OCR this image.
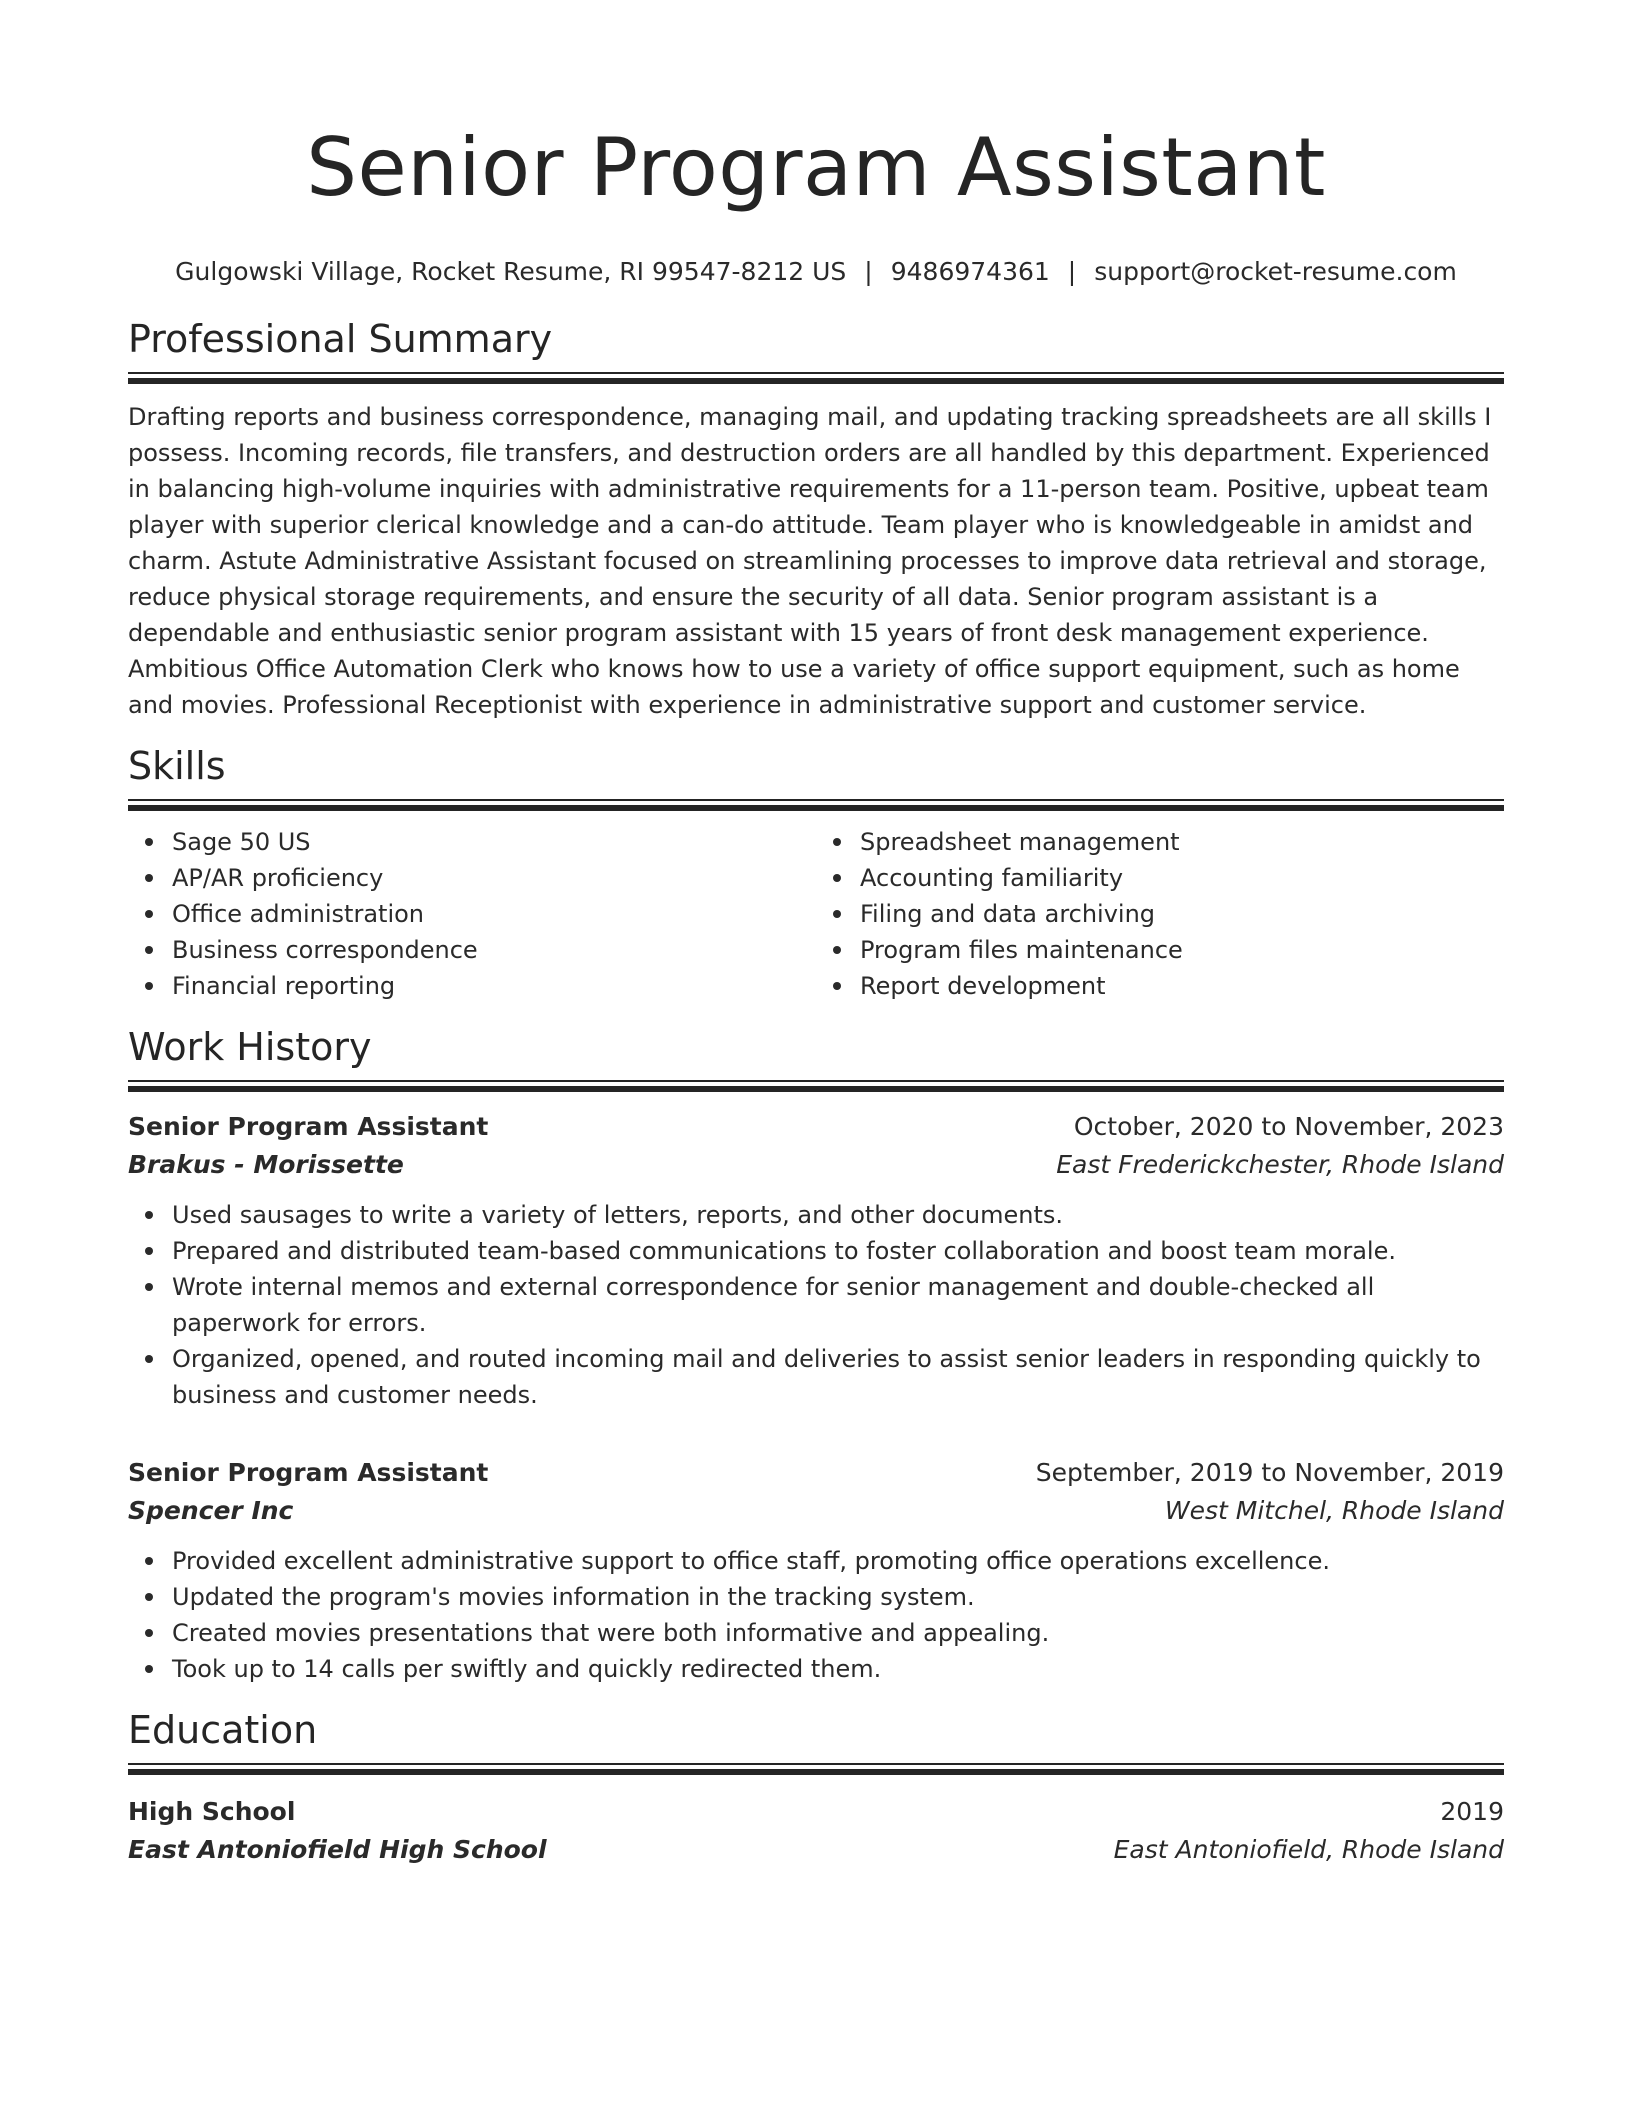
Senior Program Assistant
Gulgowski Village, Rocket Resume, RI 99547-8212 US | 9486974361 | support@rocket-resume.com
Professional Summary

Drafting reports and business correspondence, managing mail, and updating tracking spreadsheets are all skills I possess. Incoming records, file transfers, and destruction orders are all handled by this department. Experienced in balancing high-volume inquiries with administrative requirements for a 11-person team. Positive, upbeat team player with superior clerical knowledge and a can-do attitude. Team player who is knowledgeable in amidst and charm. Astute Administrative Assistant focused on streamlining processes to improve data retrieval and storage, reduce physical storage requirements, and ensure the security of all data. Senior program assistant is a dependable and enthusiastic senior program assistant with 15 years of front desk management experience. Ambitious Office Automation Clerk who knows how to use a variety of office support equipment, such as home and movies. Professional Receptionist with experience in administrative support and customer service.

Skills
Sage 50 US
AP/AR proficiency
Office administration
Business correspondence
Financial reporting
Spreadsheet management
Accounting familiarity
Filing and data archiving
Program files maintenance
Report development
Work History
Senior Program Assistant	October, 2020 to November, 2023
Brakus - Morissette	East Frederickchester, Rhode Island
Used sausages to write a variety of letters, reports, and other documents.
Prepared and distributed team-based communications to foster collaboration and boost team morale.
Wrote internal memos and external correspondence for senior management and double-checked all paperwork for errors.
Organized, opened, and routed incoming mail and deliveries to assist senior leaders in responding quickly to business and customer needs.
Senior Program Assistant	September, 2019 to November, 2019
Spencer Inc	West Mitchel, Rhode Island
Provided excellent administrative support to office staff, promoting office operations excellence.
Updated the program's movies information in the tracking system.
Created movies presentations that were both informative and appealing.
Took up to 14 calls per swiftly and quickly redirected them.
Education
High School	2019
East Antoniofield High School	East Antoniofield, Rhode Island
